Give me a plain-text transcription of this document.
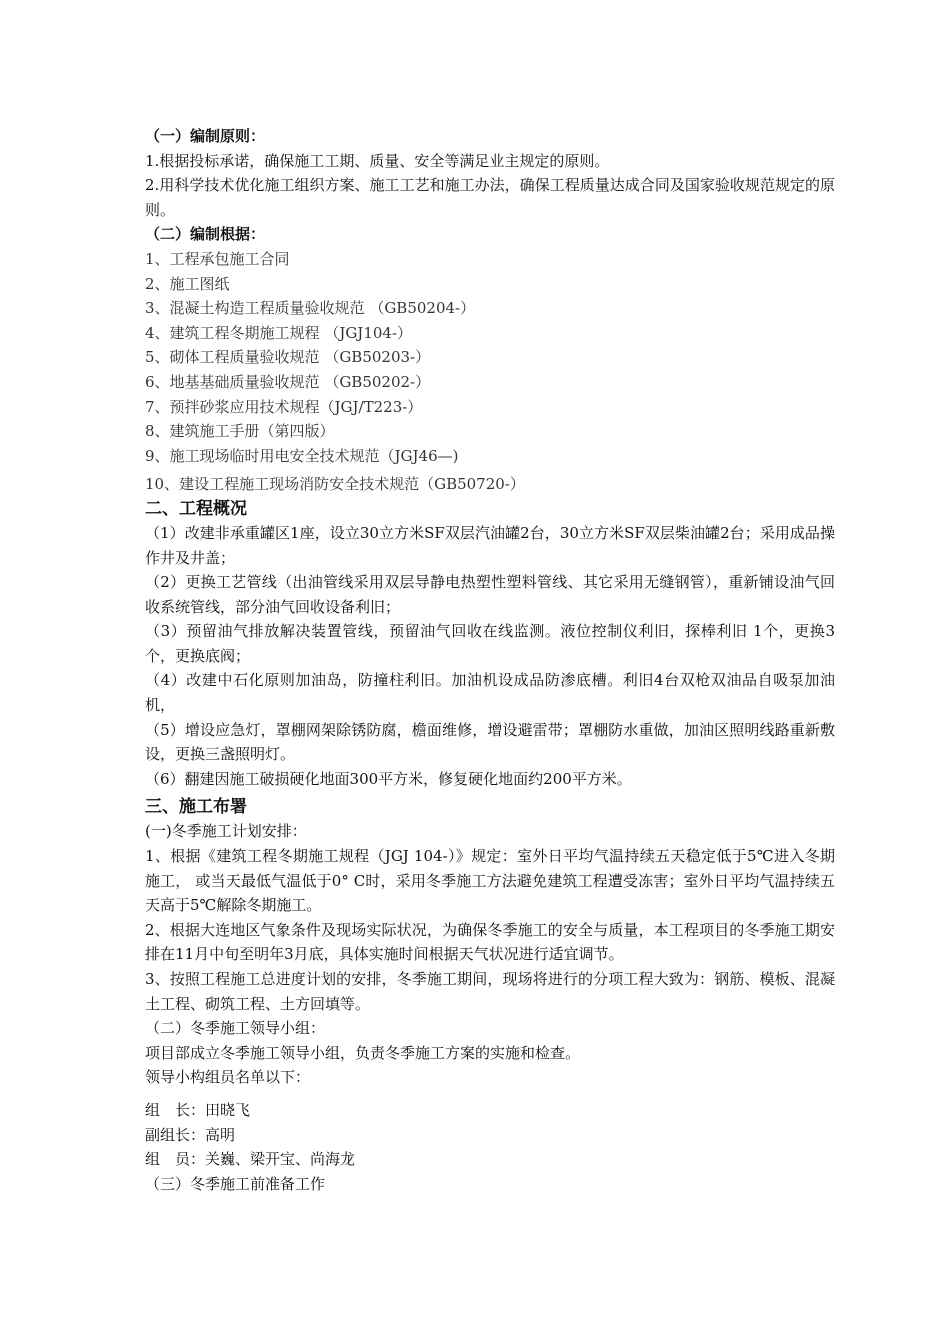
（一）编制原则：
1.根据投标承诺，确保施工工期、质量、安全等满足业主规定的原则。
2.用科学技术优化施工组织方案、施工工艺和施工办法，确保工程质量达成合同及国家验收规范规定的原则。
（二）编制根据：
1、工程承包施工合同
2、施工图纸
3、混凝土构造工程质量验收规范 （GB50204-）
4、建筑工程冬期施工规程 （JGJ104-）
5、砌体工程质量验收规范 （GB50203-）
6、地基基础质量验收规范 （GB50202-）
7、预拌砂浆应用技术规程（JGJ/T223-）
8、建筑施工手册（第四版）
9、施工现场临时用电安全技术规范（JGJ46—)
10、建设工程施工现场消防安全技术规范（GB50720-）
二、工程概况
（1）改建非承重罐区1座，设立30立方米SF双层汽油罐2台，30立方米SF双层柴油罐2台；采用成品操作井及井盖；
（2）更换工艺管线（出油管线采用双层导静电热塑性塑料管线、其它采用无缝钢管），重新铺设油气回收系统管线，部分油气回收设备利旧；
（3）预留油气排放解决装置管线，预留油气回收在线监测。液位控制仪利旧，探棒利旧 1个，更换3个，更换底阀；
（4）改建中石化原则加油岛，防撞柱利旧。加油机设成品防渗底槽。利旧4台双枪双油品自吸泵加油机，
（5）增设应急灯，罩棚网架除锈防腐，檐面维修，增设避雷带；罩棚防水重做，加油区照明线路重新敷设，更换三盏照明灯。
（6）翻建因施工破损硬化地面300平方米，修复硬化地面约200平方米。
三、施工布署
(一)冬季施工计划安排：
1、根据《建筑工程冬期施工规程（JGJ 104-）》规定：室外日平均气温持续五天稳定低于5℃进入冬期施工， 或当天最低气温低于0° C时，采用冬季施工方法避免建筑工程遭受冻害；室外日平均气温持续五天高于5℃解除冬期施工。
2、根据大连地区气象条件及现场实际状况，为确保冬季施工的安全与质量，本工程项目的冬季施工期安排在11月中旬至明年3月底，具体实施时间根据天气状况进行适宜调节。
3、按照工程施工总进度计划的安排，冬季施工期间，现场将进行的分项工程大致为：钢筋、模板、混凝土工程、砌筑工程、土方回填等。
（二）冬季施工领导小组：
项目部成立冬季施工领导小组，负责冬季施工方案的实施和检查。
领导小构组员名单以下：
组　长：田晓飞
副组长：高明
组　员：关巍、梁开宝、尚海龙
（三）冬季施工前准备工作
